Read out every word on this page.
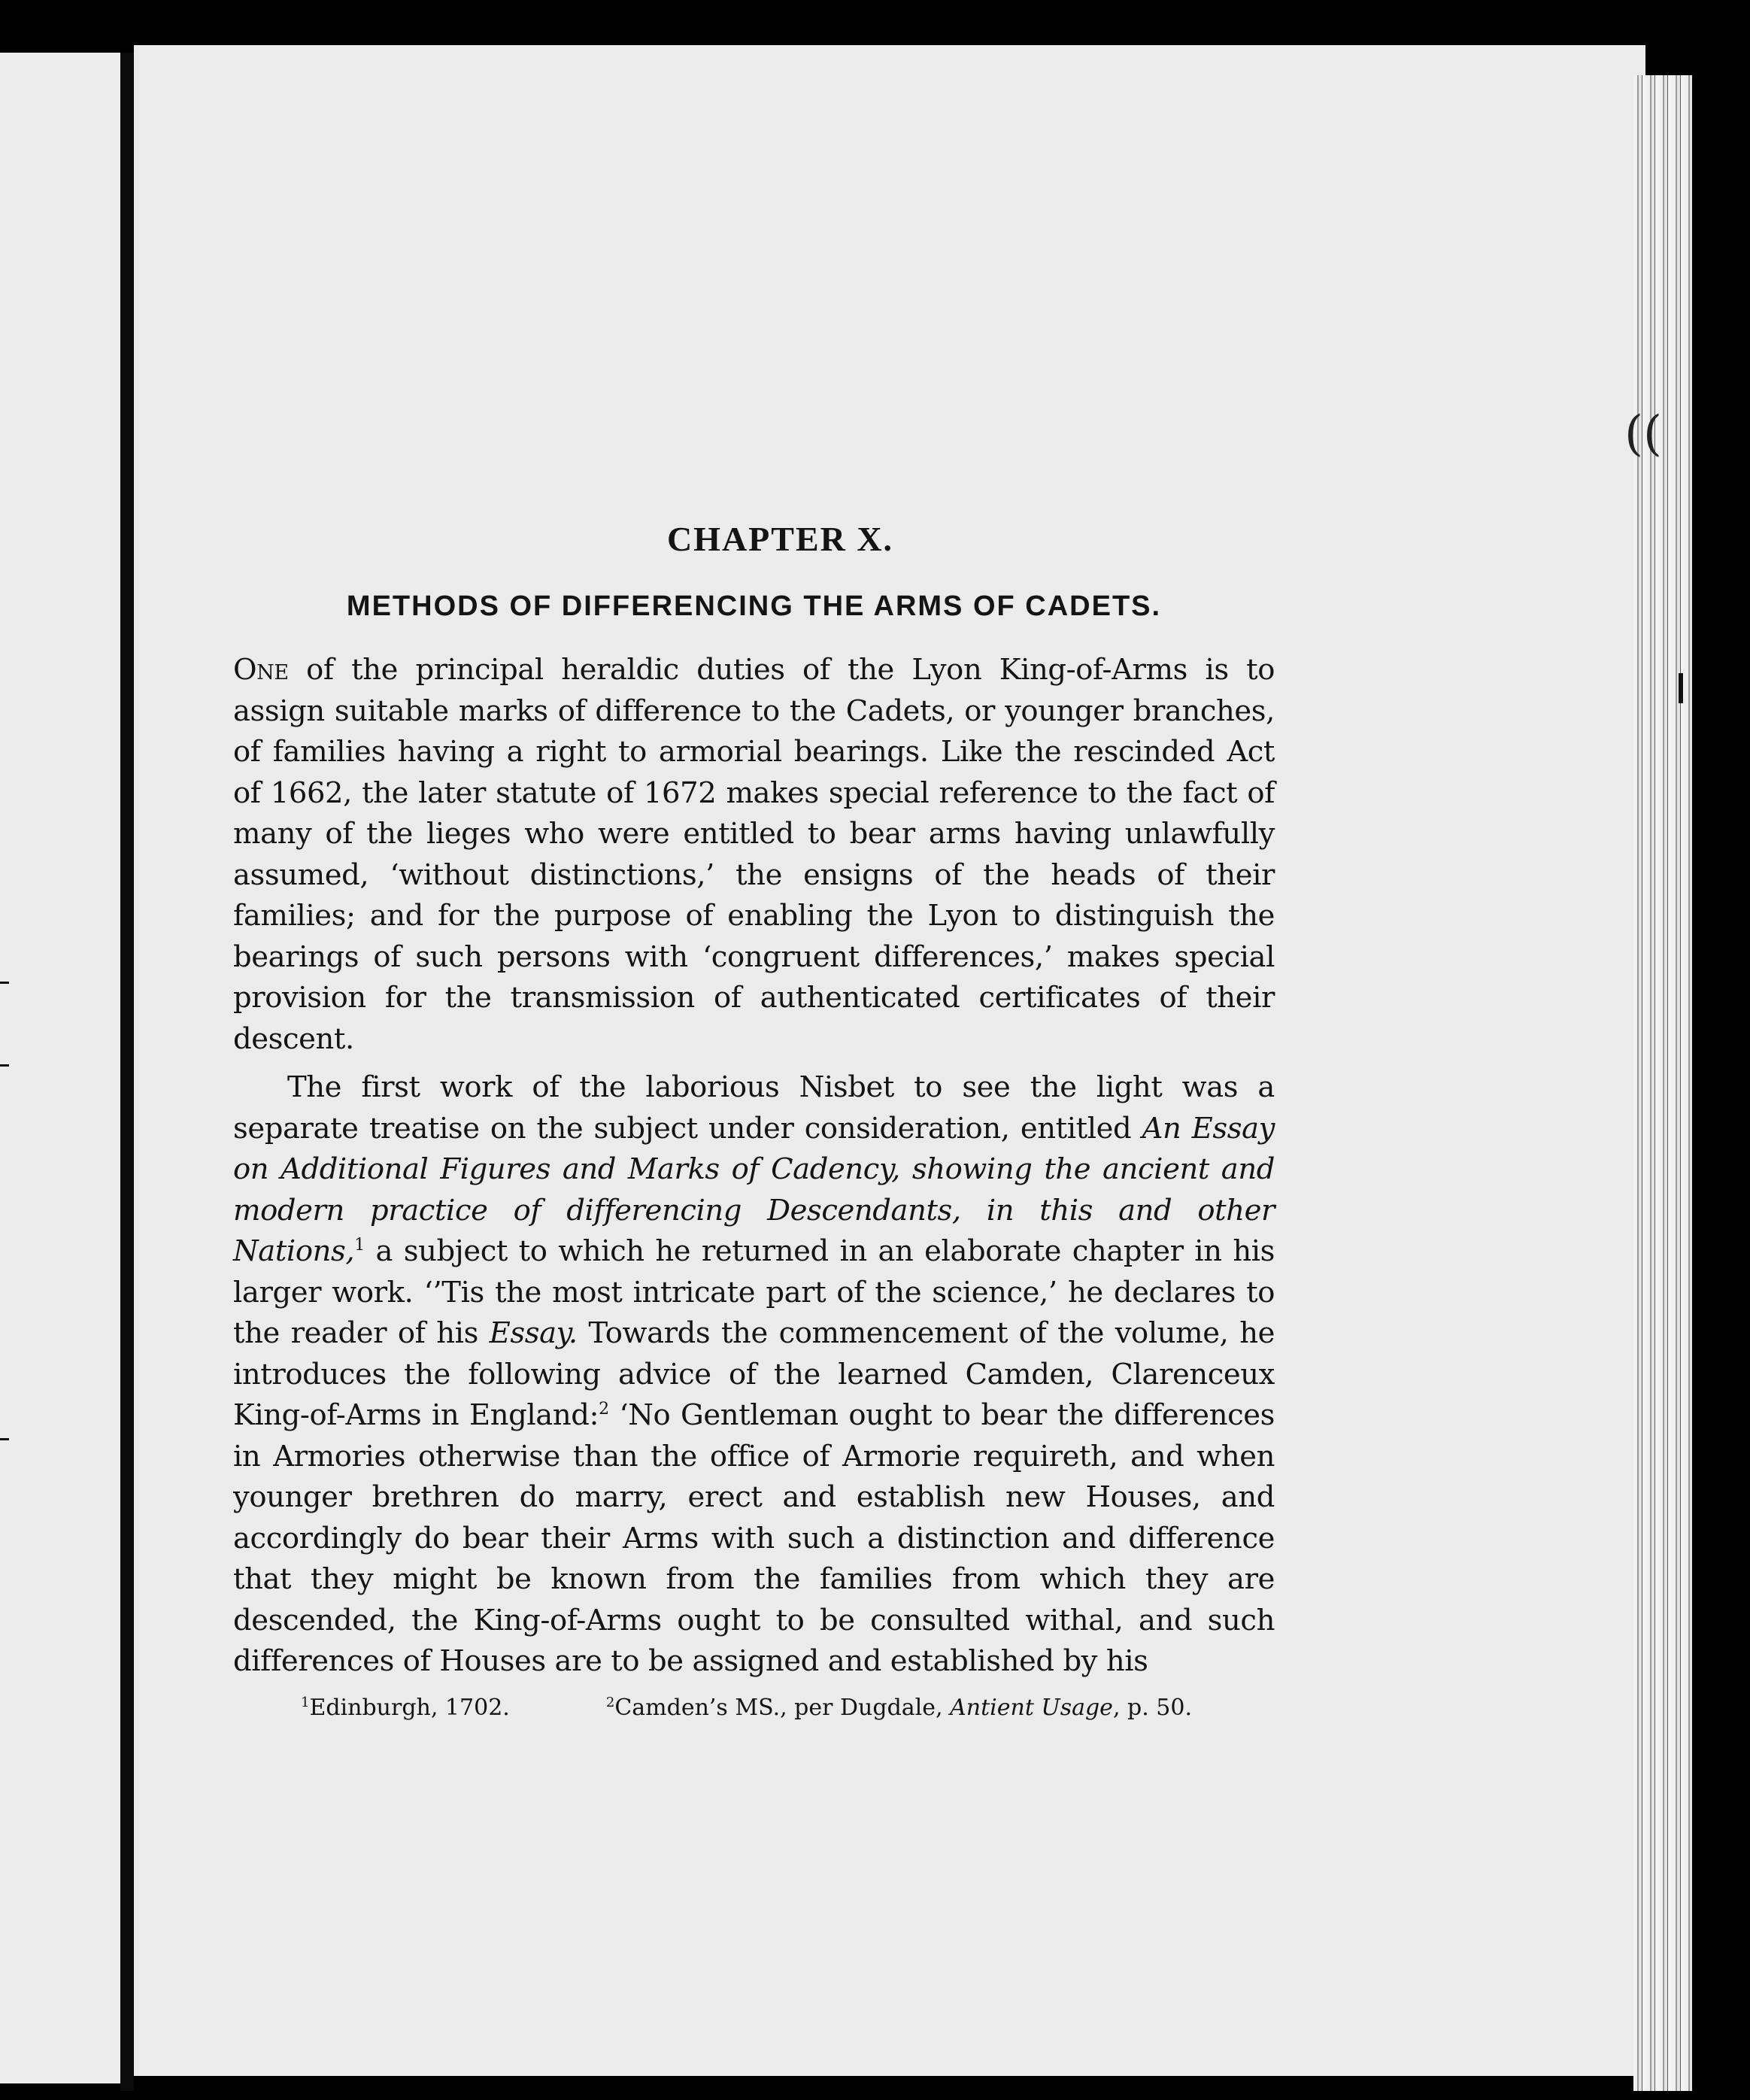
((
CHAPTER X.
METHODS OF DIFFERENCING THE ARMS OF CADETS.

One of the principal heraldic duties of the Lyon King-of-Arms is to assign suitable marks of difference to the Cadets, or younger branches, of families having a right to armorial bearings. Like the rescinded Act of 1662, the later statute of 1672 makes special reference to the fact of many of the lieges who were entitled to bear arms having unlawfully assumed, ‘without distinctions,’ the ensigns of the heads of their families; and for the purpose of enabling the Lyon to distinguish the bearings of such persons with ‘congruent differences,’ makes special provision for the transmission of authenticated certificates of their descent.

The first work of the laborious Nisbet to see the light was a separate treatise on the subject under consideration, entitled An Essay on Additional Figures and Marks of Cadency, showing the ancient and modern practice of differencing Descendants, in this and other Nations,$^1$ a subject to which he returned in an elaborate chapter in his larger work. ‘’Tis the most intricate part of the science,’ he declares to the reader of his Essay. Towards the commencement of the volume, he introduces the following advice of the learned Camden, Clarenceux King-of-Arms in England:$^2$ ‘No Gentleman ought to bear the differences in Armories otherwise than the office of Armorie requireth, and when younger brethren do marry, erect and establish new Houses, and accordingly do bear their Arms with such a distinction and difference that they might be known from the families from which they are descended, the King-of-Arms ought to be consulted withal, and such differences of Houses are to be assigned and established by his

$^1$Edinburgh, 1702.	$^2$Camden’s MS., per Dugdale, Antient Usage, p. 50.
